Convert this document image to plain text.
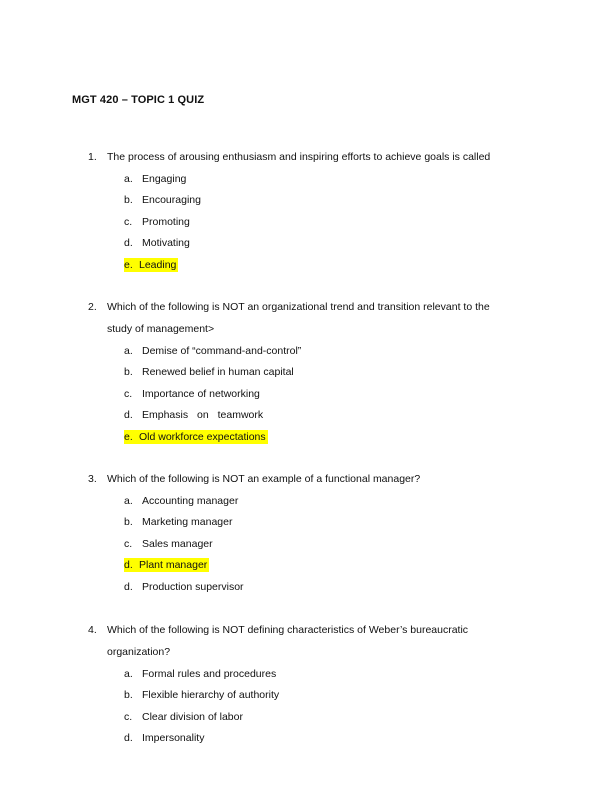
MGT 420 – TOPIC 1 QUIZ
1. The process of arousing enthusiasm and inspiring efforts to achieve goals is called
a. Engaging
b. Encouraging
c. Promoting
d. Motivating
e. Leading
2. Which of the following is NOT an organizational trend and transition relevant to the
study of management>
a. Demise of “command-and-control”
b. Renewed belief in human capital
c. Importance of networking
d. Emphasis on teamwork
e. Old workforce expectations
3. Which of the following is NOT an example of a functional manager?
a. Accounting manager
b. Marketing manager
c. Sales manager
d. Plant manager
d. Production supervisor
4. Which of the following is NOT defining characteristics of Weber’s bureaucratic
organization?
a. Formal rules and procedures
b. Flexible hierarchy of authority
c. Clear division of labor
d. Impersonality
